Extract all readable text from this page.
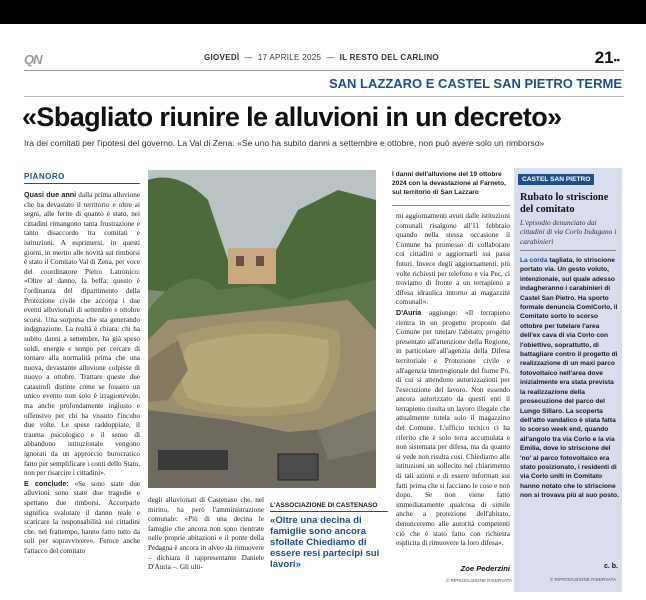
QN	GIOVEDÌ  —  17 APRILE 2025  —  IL RESTO DEL CARLINO	21▪▪
SAN LAZZARO E CASTEL SAN PIETRO TERME
«Sbagliato riunire le alluvioni in un decreto»
Ira dei comitati per l'ipotesi del governo. La Val di Zena: «Se uno ha subito danni a settembre e ottobre, non può avere solo un rimborso»
PIANORO

Quasi due anni dalla prima alluvione che ha devastato il territorio e oltre ai segni, alle ferite di quanto è stato, nei cittadini rimangono tanta frustrazione e tanto disaccordo tra comitati e istituzioni. A esprimersi, in questi giorni, in merito alle novità sui rimborsi è stato il Comitato Val di Zena, per voce del coordinatore Pietro Latronico: «Oltre al danno, la beffa: questo è l'ordinanza del dipartimento della Protezione civile che accorpa i due eventi alluvionali di settembre e ottobre scorsi. Una sorpresa che sta generando indignazione. La realtà è chiara: chi ha subito danni a settembre, ha già speso soldi, energie e tempo per cercare di tornare alla normalità prima che una nuova, devastante alluvione colpisse di nuovo a ottobre. Trattare queste due catastrofi distinte come se fossero un unico evento non solo è irragionevole, ma anche profondamente ingiusto e offensivo per chi ha vissuto l'incubo due volte. Le spese raddoppiate, il trauma psicologico e il senso di abbandono istituzionale vengono ignorati da un approccio burocratico fatto per semplificare i conti dello Stato, non per risarcire i cittadini».

E conclude: «Se sono state due alluvioni sono state due tragedie e spettano due rimborsi. Accorparle significa svalutare il danno reale e scaricare la responsabilità sui cittadini che, nel frattempo, hanno fatto tutto da soli per sopravvivere». Feroce anche l'attacco del comitato

degli alluvionati di Castenaso che, nel mirino, ha però l'amministrazione comunale: «Più di una decina le famiglie che ancora non sono rientrate nelle proprie abitazioni e il ponte della Pedagna è ancora in alveo da rimuovere – dichiara il rappresentante Daniele D'Auria –. Gli ulti-
L'ASSOCIAZIONE DI CASTENASO
«Oltre una decina di famiglie sono ancora sfollate Chiediamo di essere resi partecipi sui lavori»
I danni dell'alluvione del 19 ottobre 2024 con la devastazione al Farneto, sul territorio di San Lazzaro

mi aggiornamenti avuti dalle istituzioni comunali risalgono all'11 febbraio quando nella stessa occasione il Comune ha promesso di collaborare coi cittadini e aggiornarli sui passi futuri. Invece degli aggiornamenti, più volte richiesti per telefono e via Pec, ci troviamo di fronte a un terrapieno a difesa idraulica intorno ai magazzini comunali».

D'Auria aggiunge: «Il terrapieno rientra in un progetto proposto dal Comune per tutelare l'abitato, progetto presentato all'attenzione della Regione, in particolare all'agenzia della Difesa territoriale e Protezione civile e all'agenzia interregionale del fiume Po, di cui si attendono autorizzazioni per l'esecuzione del lavoro. Non essendo ancora autorizzato da questi enti il terrapieno risulta un lavoro illegale che attualmente tutela solo il magazzino del Comune. L'ufficio tecnico ci ha riferito che è solo terra accumulata e non sistemata per difesa, ma da quanto si vede non risulta così. Chiediamo alle istituzioni un sollecito nel chiarimento di tali azioni e di essere informati sui fatti prima che si facciano le cose e non dopo. Se non viene fatto immediatamente qualcosa di simile anche a protezione dell'abitato, denunceremo alle autorità competenti ciò che è stato fatto con richiesta esplicita di rimuovere la loro difesa».

Zoe Pederzini
© RIPRODUZIONE RISERVATA
CASTEL SAN PIETRO
Rubato lo striscione del comitato
L'episodio denunciato dai cittadini di via Corlo Indagano i carabinieri
La corda tagliata, lo striscione portato via. Un gesto voluto, intenzionale, sul quale adesso indagheranno i carabinieri di Castel San Pietro. Ha sporto formale denuncia ComiCorlo, il Comitato sorto lo scorso ottobre per tutelare l'area dell'ex cava di via Corlo con l'obiettivo, soprattutto, di battagliare contro il progetto di realizzazione di un maxi parco fotovoltaico nell'area dove inizialmente era stata prevista la realizzazione della prosecuzione del parco del Lungo Sillaro. La scoperta dell'atto vandalico è stata fatta lo scorso week end, quando all'angolo tra via Corlo e la via Emilia, dove lo striscione del 'no' al parco fotovoltaico era stato posizionato, i residenti di via Corlo uniti in Comitato hanno notato che lo striscione non si trovava più al suo posto.
c. b.
© RIPRODUZIONE RISERVATA
